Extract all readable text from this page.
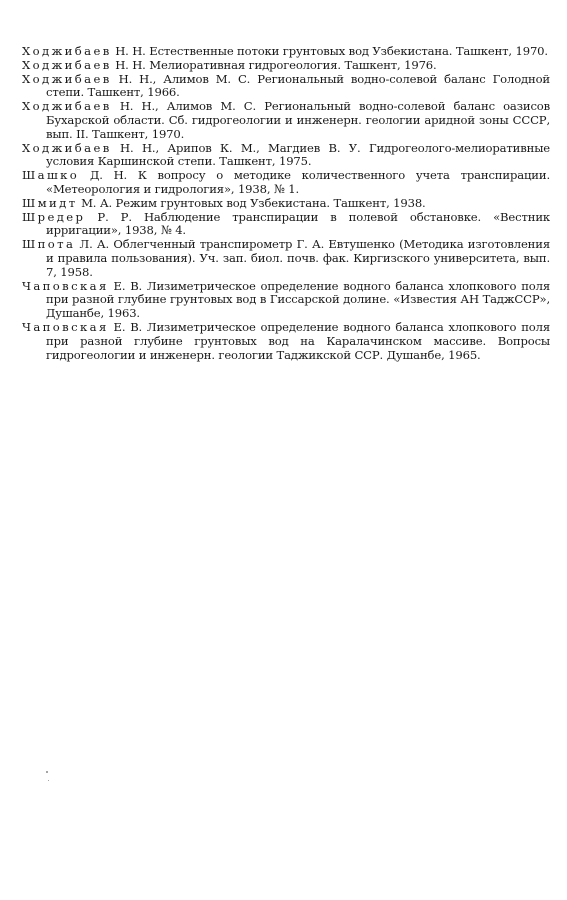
Ходжибаев Н. Н. Естественные потоки грунтовых вод Узбекистана. Ташкент, 1970.

Ходжибаев Н. Н. Мелиоративная гидрогеология. Ташкент, 1976.

Ходжибаев Н. Н., Алимов М. С. Региональный водно-солевой баланс Голодной степи. Ташкент, 1966.

Ходжибаев Н. Н., Алимов М. С. Региональный водно-солевой баланс оазисов Бухарской области. Сб. гидрогеологии и инженерн. геологии аридной зоны СССР, вып. II. Ташкент, 1970.

Ходжибаев Н. Н., Арипов К. М., Магдиев В. У. Гидрогеолого-мелиоративные условия Каршинской степи. Ташкент, 1975.

Шашко Д. Н. К вопросу о методике количественного учета транспирации. «Метеорология и гидрология», 1938, № 1.

Шмидт М. А. Режим грунтовых вод Узбекистана. Ташкент, 1938.

Шредер Р. Р. Наблюдение транспирации в полевой обстановке. «Вестник ирригации», 1938, № 4.

Шпота Л. А. Облегченный транспирометр Г. А. Евтушенко (Методика изготовления и правила пользования). Уч. зап. биол. почв. фак. Киргизского университета, вып. 7, 1958.

Чаповская Е. В. Лизиметрическое определение водного баланса хлопкового поля при разной глубине грунтовых вод в Гиссарской долине. «Известия АН ТаджССР», Душанбе, 1963.

Чаповская Е. В. Лизиметрическое определение водного баланса хлопкового поля при разной глубине грунтовых вод на Каралачинском массиве. Вопросы гидрогеологии и инженерн. геологии Таджикской ССР. Душанбе, 1965.
